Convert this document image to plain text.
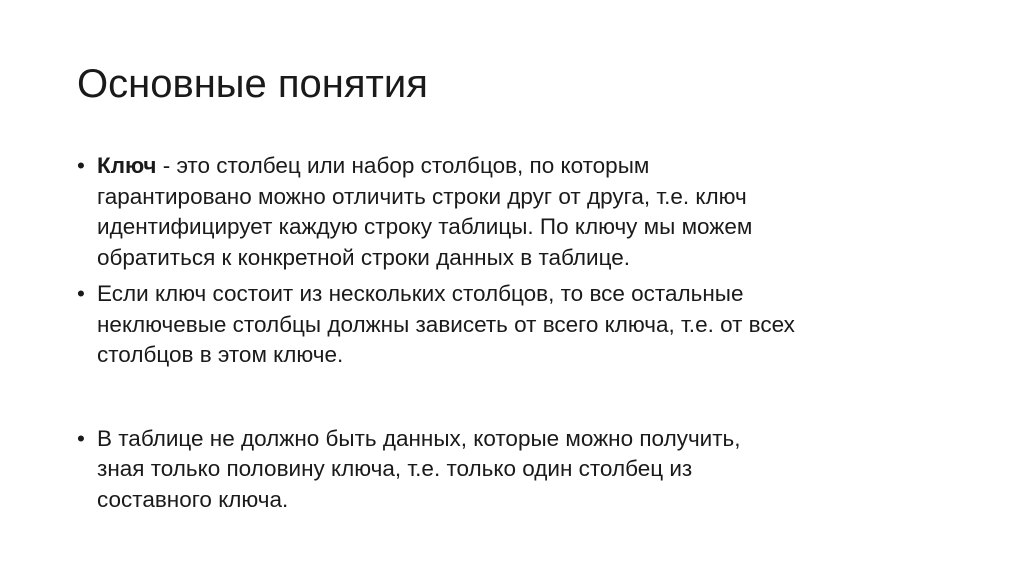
Основные понятия
• Ключ - это столбец или набор столбцов, по которым
гарантировано можно отличить строки друг от друга, т.е. ключ
идентифицирует каждую строку таблицы. По ключу мы можем
обратиться к конкретной строки данных в таблице.
• Если ключ состоит из нескольких столбцов, то все остальные
неключевые столбцы должны зависеть от всего ключа, т.е. от всех
столбцов в этом ключе.
• В таблице не должно быть данных, которые можно получить,
зная только половину ключа, т.е. только один столбец из
составного ключа.
